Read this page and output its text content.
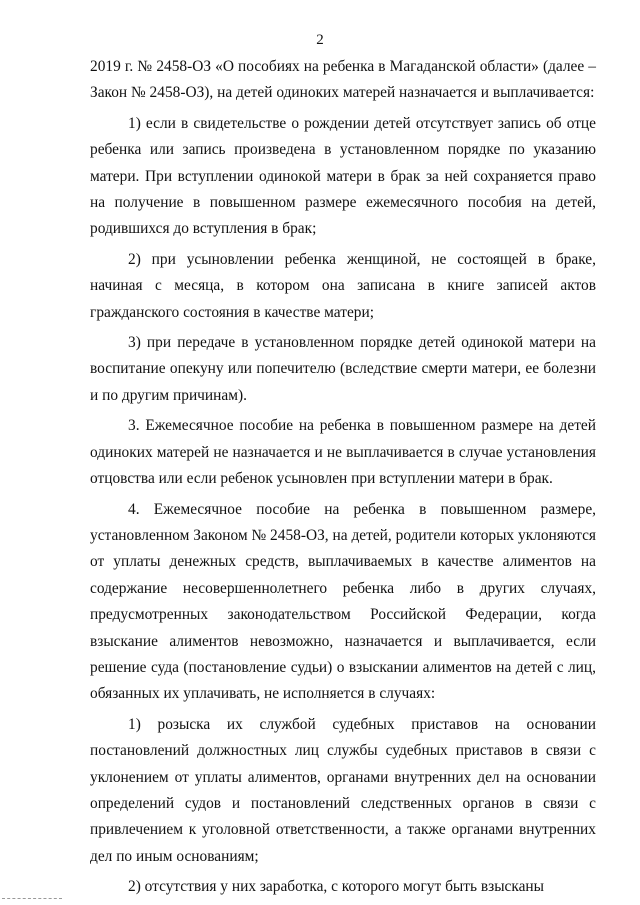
2

2019 г. № 2458-ОЗ «О пособиях на ребенка в Магаданской области» (далее – Закон № 2458-ОЗ), на детей одиноких матерей назначается и выплачивается:

1) если в свидетельстве о рождении детей отсутствует запись об отце ребенка или запись произведена в установленном порядке по указанию матери. При вступлении одинокой матери в брак за ней сохраняется право на получение в повышенном размере ежемесячного пособия на детей, родившихся до вступления в брак;

2) при усыновлении ребенка женщиной, не состоящей в браке, начиная с месяца, в котором она записана в книге записей актов гражданского состояния в качестве матери;

3) при передаче в установленном порядке детей одинокой матери на воспитание опекуну или попечителю (вследствие смерти матери, ее болезни и по другим причинам).

3. Ежемесячное пособие на ребенка в повышенном размере на детей одиноких матерей не назначается и не выплачивается в случае установления отцовства или если ребенок усыновлен при вступлении матери в брак.

4. Ежемесячное пособие на ребенка в повышенном размере, установленном Законом № 2458-ОЗ, на детей, родители которых уклоняются от уплаты денежных средств, выплачиваемых в качестве алиментов на содержание несовершеннолетнего ребенка либо в других случаях, предусмотренных законодательством Российской Федерации, когда взыскание алиментов невозможно, назначается и выплачивается, если решение суда (постановление судьи) о взыскании алиментов на детей с лиц, обязанных их уплачивать, не исполняется в случаях:

1) розыска их службой судебных приставов на основании постановлений должностных лиц службы судебных приставов в связи с уклонением от уплаты алиментов, органами внутренних дел на основании определений судов и постановлений следственных органов в связи с привлечением к уголовной ответственности, а также органами внутренних дел по иным основаниям;

2) отсутствия у них заработка, с которого могут быть взысканы
